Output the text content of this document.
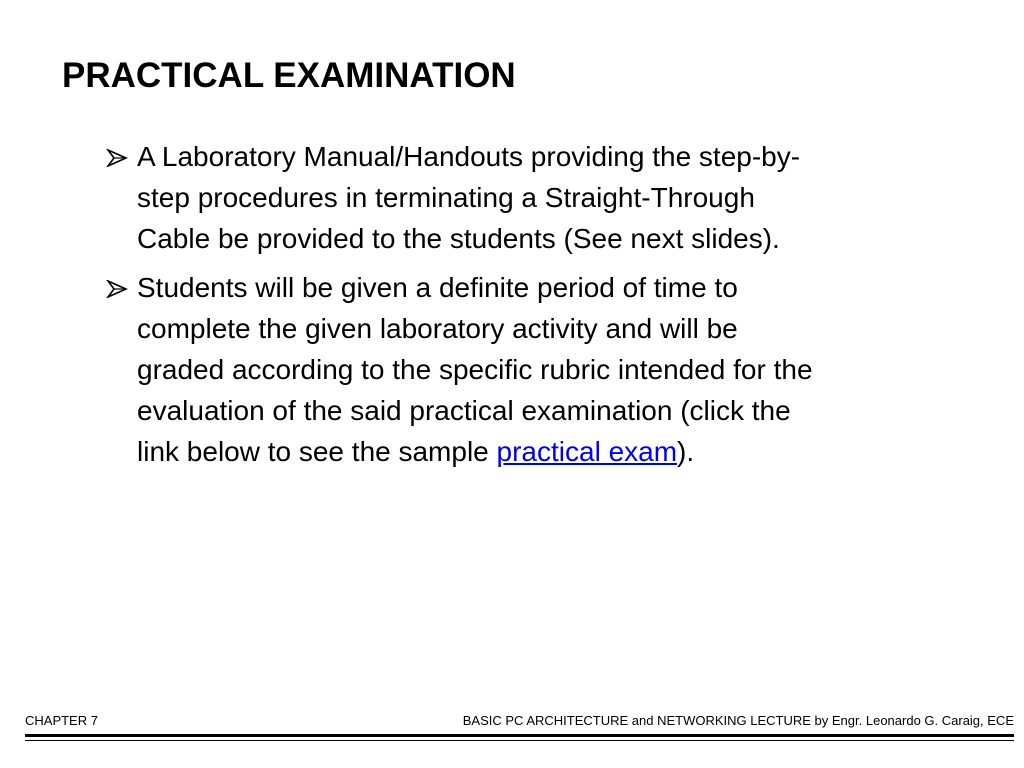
PRACTICAL EXAMINATION
A Laboratory Manual/Handouts providing the step-by-
step procedures in terminating a Straight-Through
Cable be provided to the students (See next slides).
Students will be given a definite period of time to
complete the given laboratory activity and will be
graded according to the specific rubric intended for the
evaluation of the said practical examination (click the
link below to see the sample practical exam).
CHAPTER 7	BASIC PC ARCHITECTURE and NETWORKING LECTURE by Engr. Leonardo G. Caraig, ECE
